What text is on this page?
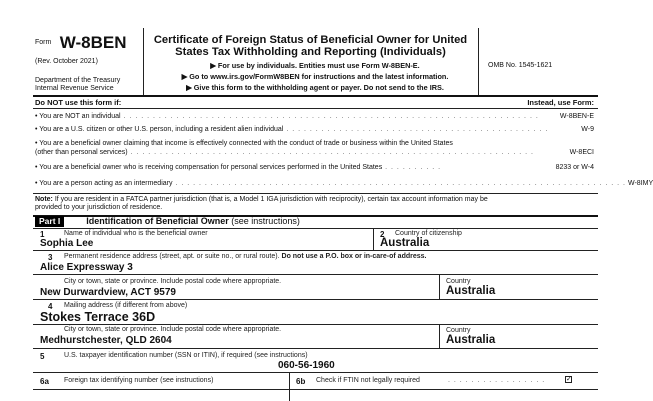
Form W-8BEN
(Rev. October 2021)
Department of the Treasury
Internal Revenue Service
Certificate of Foreign Status of Beneficial Owner for United
States Tax Withholding and Reporting (Individuals)
▶ For use by individuals. Entities must use Form W-8BEN-E.
▶ Go to www.irs.gov/FormW8BEN for instructions and the latest information.
▶ Give this form to the withholding agent or payer. Do not send to the IRS.
OMB No. 1545-1621
Do NOT use this form if:	Instead, use Form:
• You are NOT an individual . . . . . . . . . . . . . . . . . . . . . . . . . . . . . . . . . . . . . . . . . . . . . . . . . . . . . . . . . . . . . . . . . . . . . . .	W-8BEN-E
• You are a U.S. citizen or other U.S. person, including a resident alien individual . . . . . . . . . . . . . . . . . . . . . . . . . . . . . . . . . . . . . . . . . . . . .	W-9
• You are a beneficial owner claiming that income is effectively connected with the conduct of trade or business within the United States
(other than personal services) . . . . . . . . . . . . . . . . . . . . . . . . . . . . . . . . . . . . . . . . . . . . . . . . . . . . . . . . . . . . . . . . . . . . .	W-8ECI
• You are a beneficial owner who is receiving compensation for personal services performed in the United States . . . . . . . . . .	8233 or W-4
• You are a person acting as an intermediary . . . . . . . . . . . . . . . . . . . . . . . . . . . . . . . . . . . . . . . . . . . . . . . . . . . . . . . . . . . . . . . . . . . . . . . . . . . . . W-8IMY
Note: If you are resident in a FATCA partner jurisdiction (that is, a Model 1 IGA jurisdiction with reciprocity), certain tax account information may be
provided to your jurisdiction of residence.
Part I	Identification of Beneficial Owner (see instructions)
1	Name of individual who is the beneficial owner
Sophia Lee
2 Country of citizenship
Australia
3 Permanent residence address (street, apt. or suite no., or rural route). Do not use a P.O. box or in-care-of address.
Alice Expressway 3
City or town, state or province. Include postal code where appropriate.
New Durwardview, ACT 9579
Country
Australia
4 Mailing address (if different from above)
Stokes Terrace 36D
City or town, state or province. Include postal code where appropriate.
Medhurstchester, QLD 2604
Country
Australia
5	U.S. taxpayer identification number (SSN or ITIN), if required (see instructions)
060-56-1960
6a Foreign tax identifying number (see instructions)	6b Check if FTIN not legally required	. . . . . . . . . . . . . . . . .	✓
